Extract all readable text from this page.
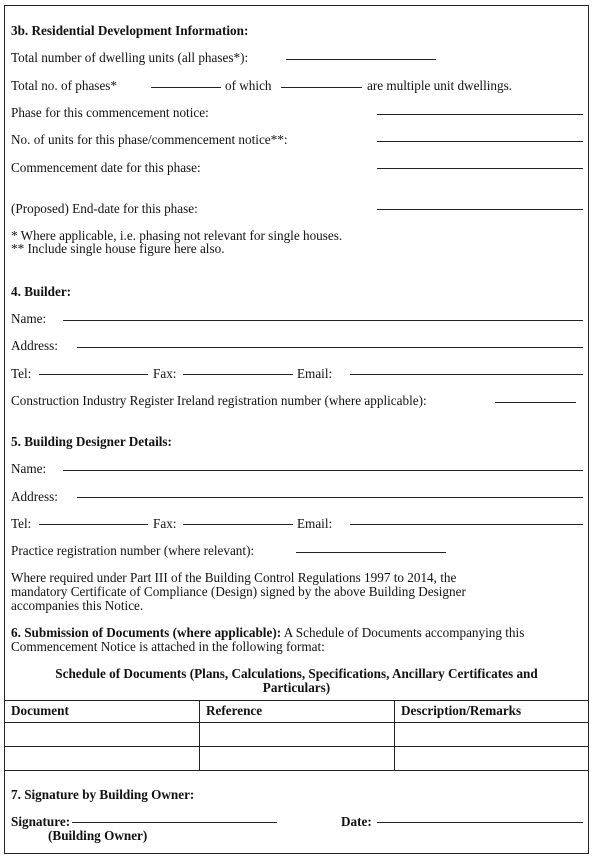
3b. Residential Development Information:
Total number of dwelling units (all phases*):
Total no. of phases*	of which	are multiple unit dwellings.
Phase for this commencement notice:
No. of units for this phase/commencement notice**:
Commencement date for this phase:
(Proposed) End-date for this phase:
* Where applicable, i.e. phasing not relevant for single houses.
** Include single house figure here also.
4. Builder:
Name:
Address:
Tel:	Fax:	Email:
Construction Industry Register Ireland registration number (where applicable):
5. Building Designer Details:
Name:
Address:
Tel:	Fax:	Email:
Practice registration number (where relevant):
Where required under Part III of the Building Control Regulations 1997 to 2014, the
mandatory Certificate of Compliance (Design) signed by the above Building Designer
accompanies this Notice.
6. Submission of Documents (where applicable): A Schedule of Documents accompanying this
Commencement Notice is attached in the following format:
Schedule of Documents (Plans, Calculations, Specifications, Ancillary Certificates and
Particulars)
Document	Reference	Description/Remarks
7. Signature by Building Owner:
Signature:
(Building Owner)
Date:
